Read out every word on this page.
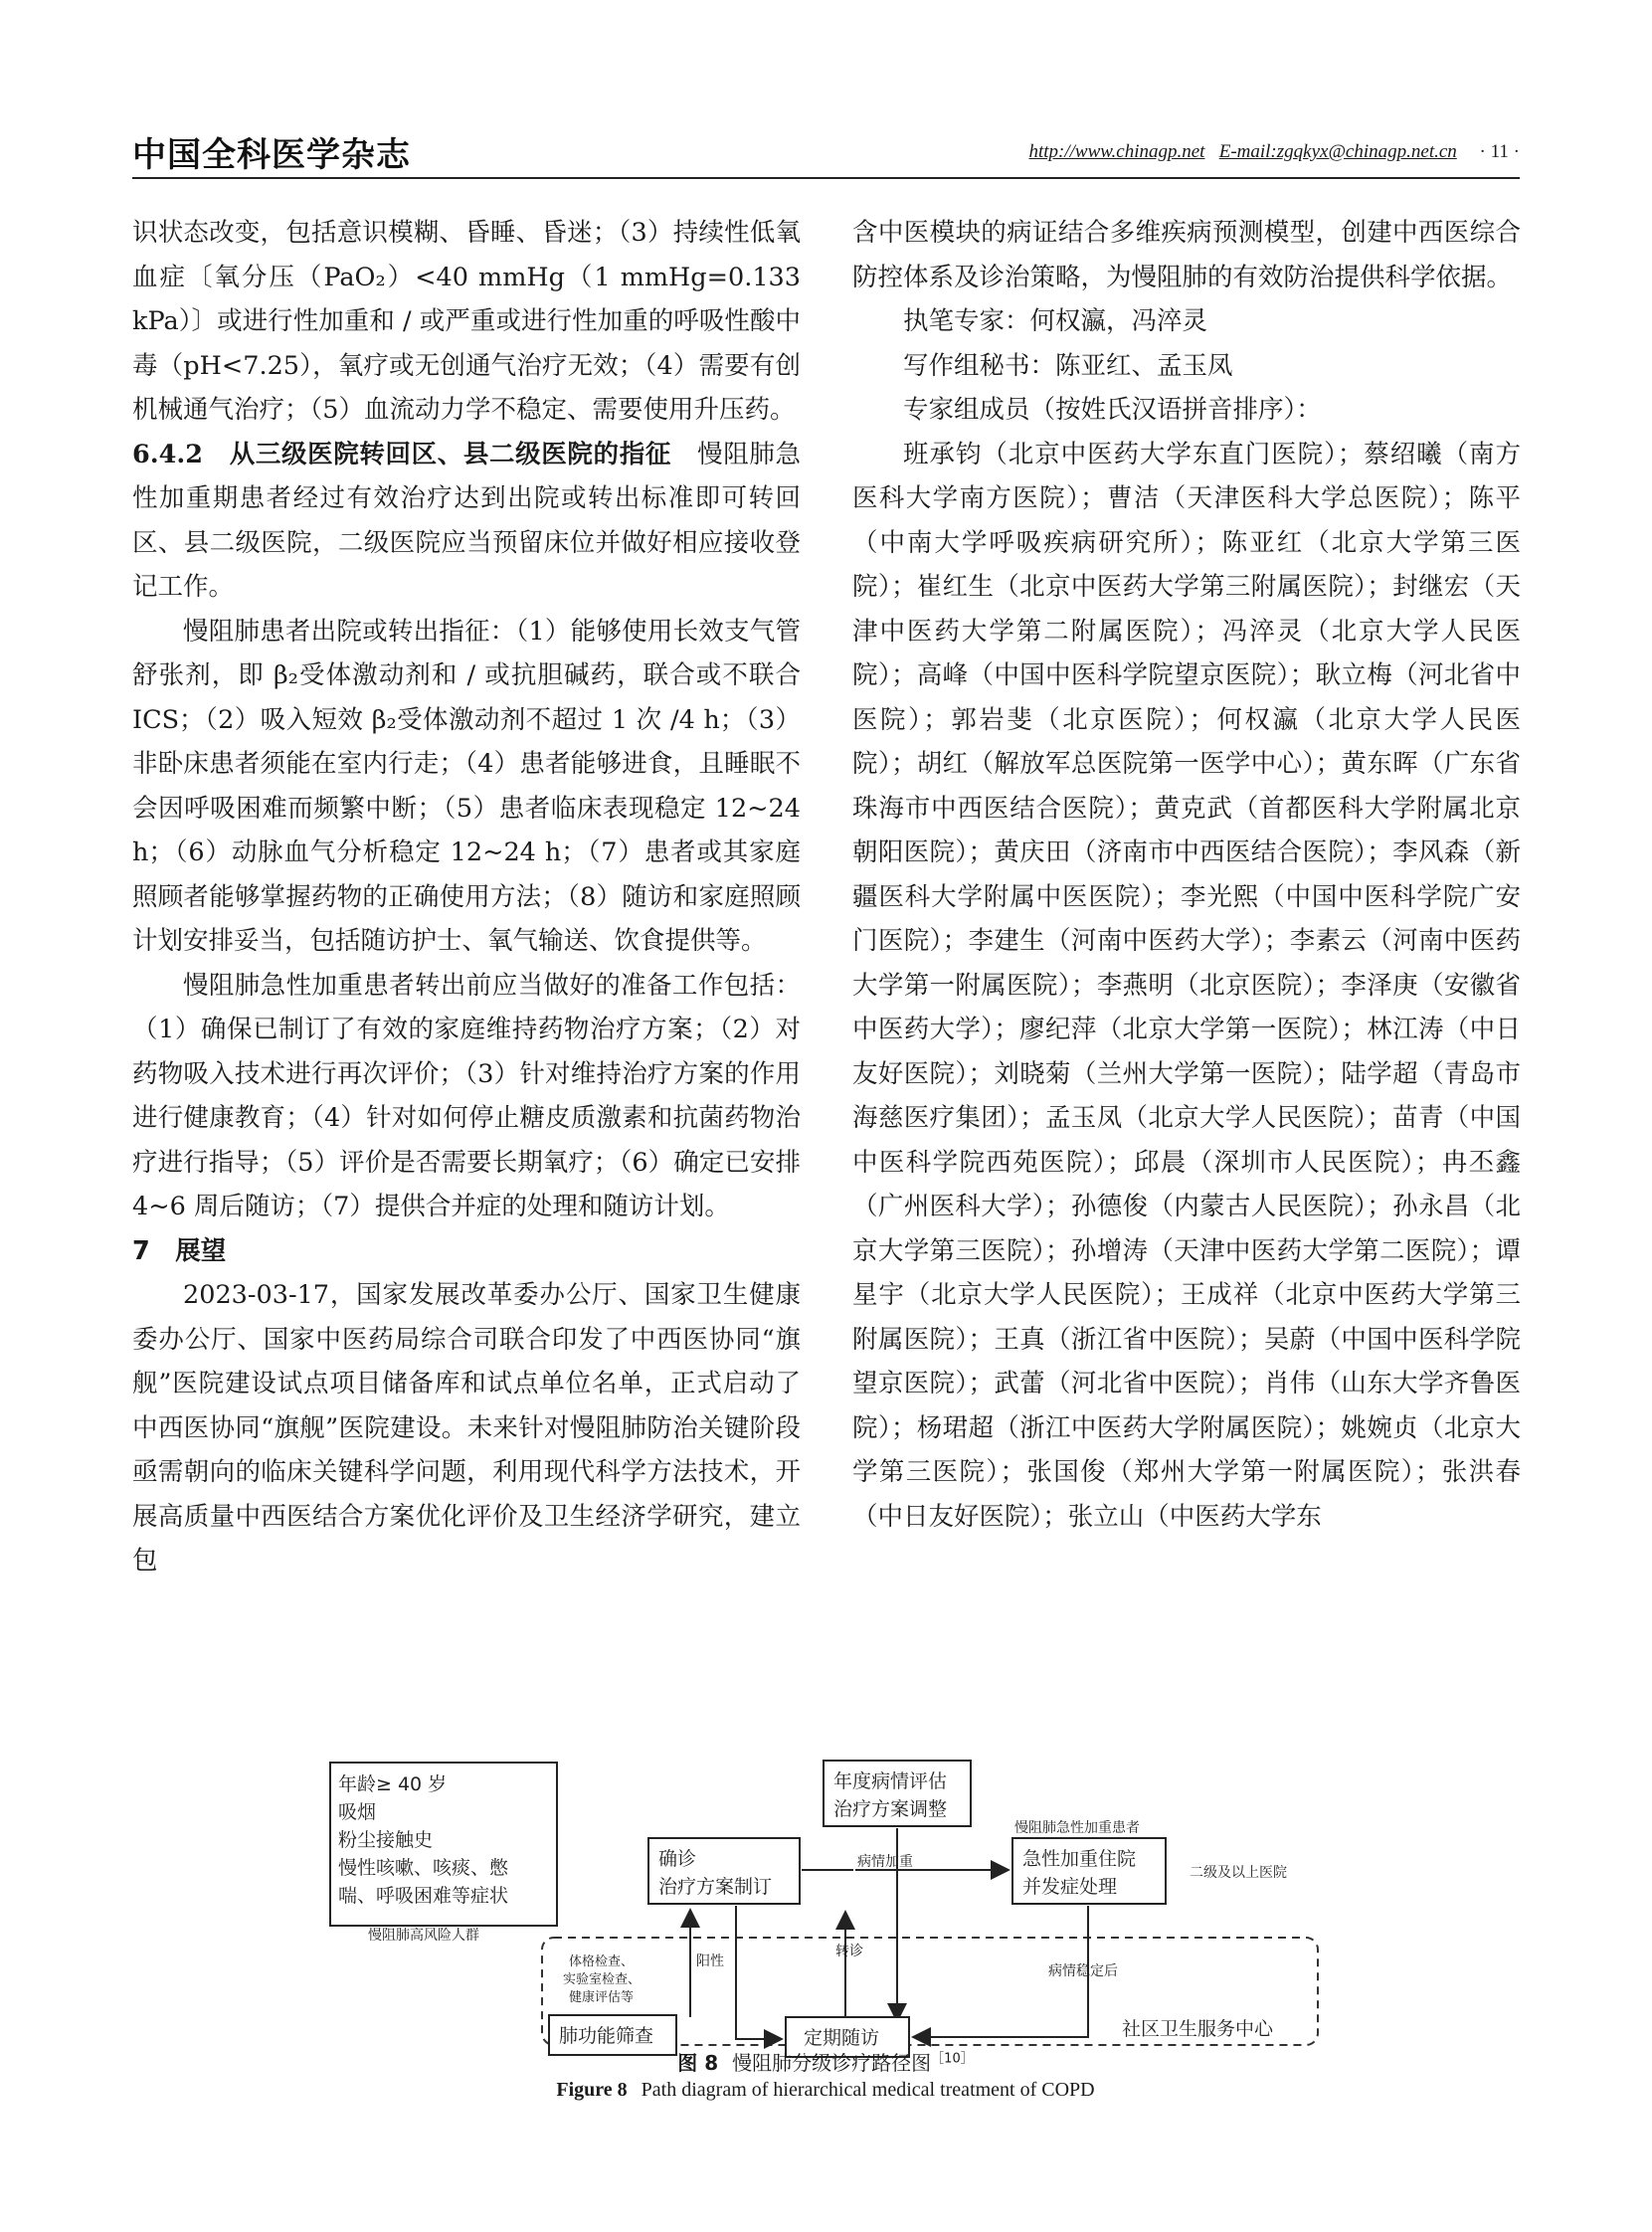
中国全科医学杂志	http://www.chinagp.net E-mail:zgqkyx@chinagp.net.cn · 11 ·

识状态改变，包括意识模糊、昏睡、昏迷；（3）持续性低氧血症〔氧分压（PaO₂）<40 mmHg（1 mmHg=0.133 kPa）〕或进行性加重和 / 或严重或进行性加重的呼吸性酸中毒（pH<7.25），氧疗或无创通气治疗无效；（4）需要有创机械通气治疗；（5）血流动力学不稳定、需要使用升压药。

6.4.2　从三级医院转回区、县二级医院的指征　慢阻肺急性加重期患者经过有效治疗达到出院或转出标准即可转回区、县二级医院，二级医院应当预留床位并做好相应接收登记工作。

慢阻肺患者出院或转出指征：（1）能够使用长效支气管舒张剂，即 β₂受体激动剂和 / 或抗胆碱药，联合或不联合 ICS；（2）吸入短效 β₂受体激动剂不超过 1 次 /4 h；（3）非卧床患者须能在室内行走；（4）患者能够进食，且睡眠不会因呼吸困难而频繁中断；（5）患者临床表现稳定 12~24 h；（6）动脉血气分析稳定 12~24 h；（7）患者或其家庭照顾者能够掌握药物的正确使用方法；（8）随访和家庭照顾计划安排妥当，包括随访护士、氧气输送、饮食提供等。

慢阻肺急性加重患者转出前应当做好的准备工作包括：（1）确保已制订了有效的家庭维持药物治疗方案；（2）对药物吸入技术进行再次评价；（3）针对维持治疗方案的作用进行健康教育；（4）针对如何停止糖皮质激素和抗菌药物治疗进行指导；（5）评价是否需要长期氧疗；（6）确定已安排 4~6 周后随访；（7）提供合并症的处理和随访计划。

7　展望

2023-03-17，国家发展改革委办公厅、国家卫生健康委办公厅、国家中医药局综合司联合印发了中西医协同“旗舰”医院建设试点项目储备库和试点单位名单，正式启动了中西医协同“旗舰”医院建设。未来针对慢阻肺防治关键阶段亟需朝向的临床关键科学问题，利用现代科学方法技术，开展高质量中西医结合方案优化评价及卫生经济学研究，建立包

含中医模块的病证结合多维疾病预测模型，创建中西医综合防控体系及诊治策略，为慢阻肺的有效防治提供科学依据。

执笔专家：何权瀛，冯淬灵

写作组秘书：陈亚红、孟玉凤

专家组成员（按姓氏汉语拼音排序）：

班承钧（北京中医药大学东直门医院）；蔡绍曦（南方医科大学南方医院）；曹洁（天津医科大学总医院）；陈平（中南大学呼吸疾病研究所）；陈亚红（北京大学第三医院）；崔红生（北京中医药大学第三附属医院）；封继宏（天津中医药大学第二附属医院）；冯淬灵（北京大学人民医院）；高峰（中国中医科学院望京医院）；耿立梅（河北省中医院）；郭岩斐（北京医院）；何权瀛（北京大学人民医院）；胡红（解放军总医院第一医学中心）；黄东晖（广东省珠海市中西医结合医院）；黄克武（首都医科大学附属北京朝阳医院）；黄庆田（济南市中西医结合医院）；李风森（新疆医科大学附属中医医院）；李光熙（中国中医科学院广安门医院）；李建生（河南中医药大学）；李素云（河南中医药大学第一附属医院）；李燕明（北京医院）；李泽庚（安徽省中医药大学）；廖纪萍（北京大学第一医院）；林江涛（中日友好医院）；刘晓菊（兰州大学第一医院）；陆学超（青岛市海慈医疗集团）；孟玉凤（北京大学人民医院）；苗青（中国中医科学院西苑医院）；邱晨（深圳市人民医院）；冉丕鑫（广州医科大学）；孙德俊（内蒙古人民医院）；孙永昌（北京大学第三医院）；孙增涛（天津中医药大学第二医院）；谭星宇（北京大学人民医院）；王成祥（北京中医药大学第三附属医院）；王真（浙江省中医院）；吴蔚（中国中医科学院望京医院）；武蕾（河北省中医院）；肖伟（山东大学齐鲁医院）；杨珺超（浙江中医药大学附属医院）；姚婉贞（北京大学第三医院）；张国俊（郑州大学第一附属医院）；张洪春（中日友好医院）；张立山（中医药大学东

年龄≥ 40 岁
吸烟
粉尘接触史
慢性咳嗽、咳痰、憋
喘、呼吸困难等症状
慢阻肺高风险人群
年度病情评估
治疗方案调整
确诊
治疗方案制订
慢阻肺急性加重患者
急性加重住院
并发症处理
二级及以上医院
病情加重
转诊
体格检查、
实验室检查、
健康评估等
肺功能筛查
阳性
定期随访
病情稳定后
社区卫生服务中心
图 8 慢阻肺分级诊疗路径图$^{[10]}$
Figure 8 Path diagram of hierarchical medical treatment of COPD
